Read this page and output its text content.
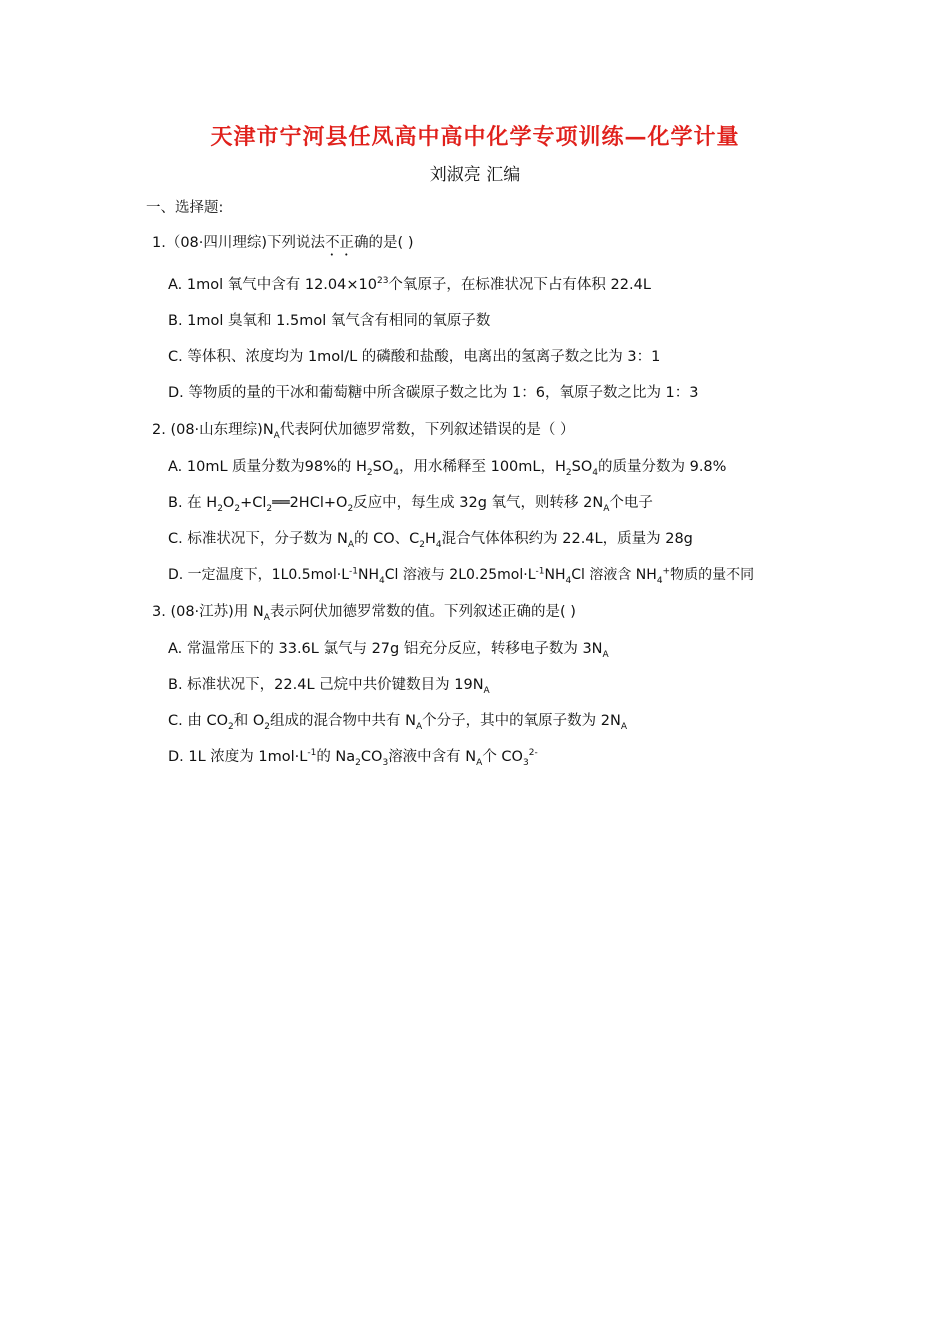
天津市宁河县任凤高中高中化学专项训练—化学计量
刘淑亮 汇编
一、选择题:
1.（08·四川理综)下列说法不正确的是( )
A. 1mol 氧气中含有 $12.04\times 10^{23}$个氧原子，在标准状况下占有体积 22.4L
B. 1mol 臭氧和 1.5mol 氧气含有相同的氧原子数
C. 等体积、浓度均为 1mol/L 的磷酸和盐酸，电离出的氢离子数之比为 3：1
D. 等物质的量的干冰和葡萄糖中所含碳原子数之比为 1：6，氧原子数之比为 1：3
2. (08·山东理综)$N_A$代表阿伏加德罗常数，下列叙述错误的是（ ）
A. 10mL 质量分数为98%的 $H_2SO_4$，用水稀释至 100mL，$H_2SO_4$的质量分数为 9.8%
B. 在 $H_2O_2+Cl_2══2HCl+O_2$反应中，每生成 32g 氧气，则转移 $2N_A$个电子
C. 标准状况下，分子数为 $N_A$的 CO、$C_2H_4$混合气体体积约为 22.4L，质量为 28g
D. 一定温度下，$1L0.5mol\cdot L^{-1}NH_4Cl$ 溶液与 $2L0.25mol\cdot L^{-1}NH_4Cl$ 溶液含 $NH_4^+$物质的量不同
3. (08·江苏)用 $N_A$表示阿伏加德罗常数的值。下列叙述正确的是( )
A. 常温常压下的 33.6L 氯气与 27g 铝充分反应，转移电子数为 $3N_A$
B. 标准状况下，22.4L 己烷中共价键数目为 $19N_A$
C. 由 $CO_2$和 $O_2$组成的混合物中共有 $N_A$个分子，其中的氧原子数为 $2N_A$
D. 1L 浓度为 $1mol\cdot L^{-1}$的 $Na_2CO_3$溶液中含有 $N_A$个 $CO_3^{2-}$
